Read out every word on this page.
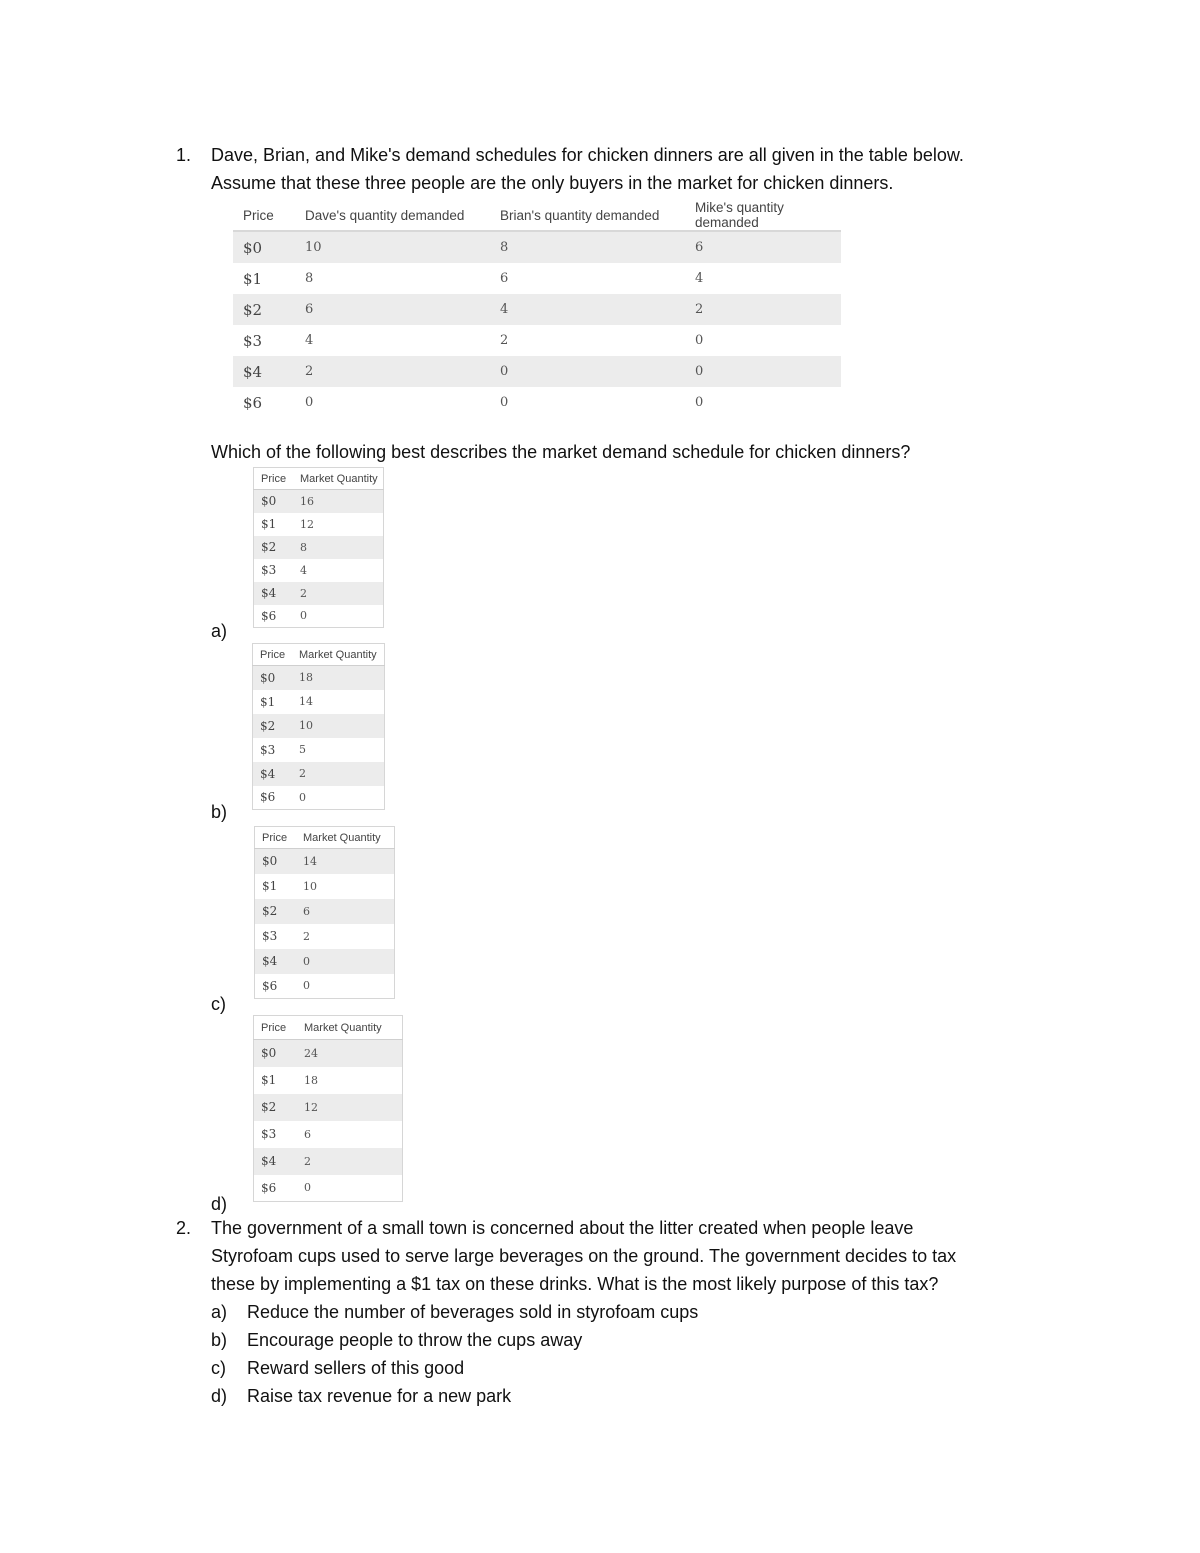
1. Dave, Brian, and Mike's demand schedules for chicken dinners are all given in the table below.
Assume that these three people are the only buyers in the market for chicken dinners.
Price	Dave's quantity demanded	Brian's quantity demanded	Mike's quantity demanded
$0	10	8	6
$1	8	6	4
$2	6	4	2
$3	4	2	0
$4	2	0	0
$6	0	0	0
Which of the following best describes the market demand schedule for chicken dinners?
Price	Market Quantity
$0	16
$1	12
$2	8
$3	4
$4	2
$6	0
a)
Price	Market Quantity
$0	18
$1	14
$2	10
$3	5
$4	2
$6	0
b)
Price	Market Quantity
$0	14
$1	10
$2	6
$3	2
$4	0
$6	0
c)
Price	Market Quantity
$0	24
$1	18
$2	12
$3	6
$4	2
$6	0
d)
2. The government of a small town is concerned about the litter created when people leave
Styrofoam cups used to serve large beverages on the ground. The government decides to tax
these by implementing a $1 tax on these drinks. What is the most likely purpose of this tax?
a) Reduce the number of beverages sold in styrofoam cups
b) Encourage people to throw the cups away
c) Reward sellers of this good
d) Raise tax revenue for a new park
